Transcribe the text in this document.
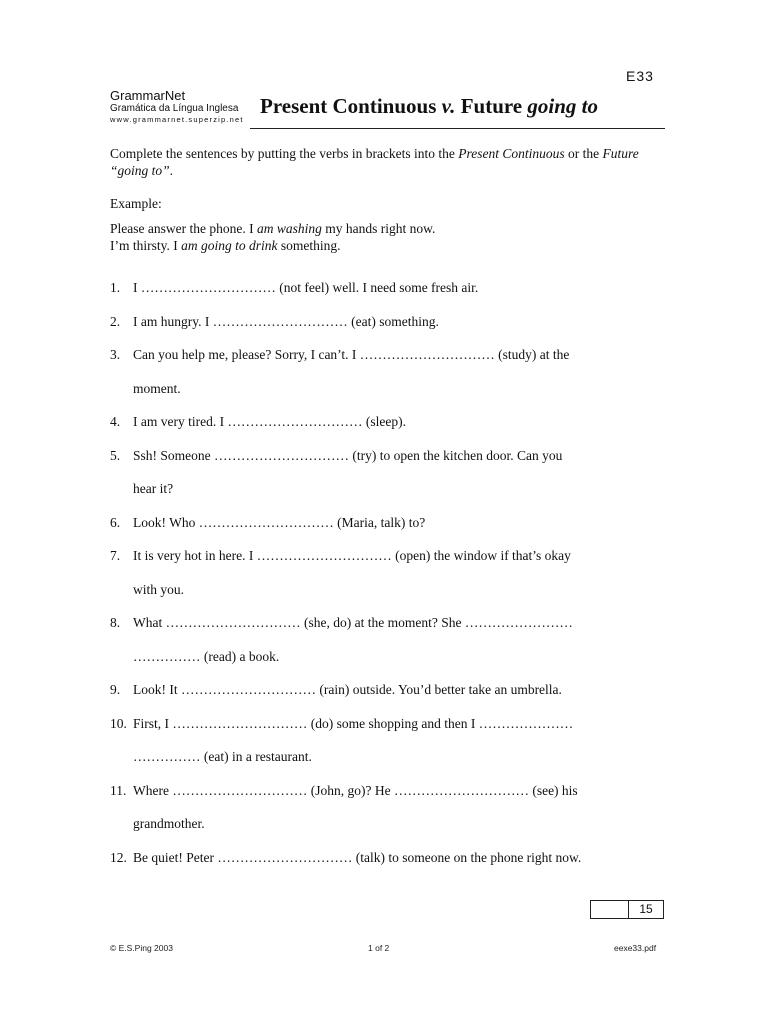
E33
GrammarNet
Gramática da Língua Inglesa
www.grammarnet.superzip.net
Present Continuous v. Future going to

Complete the sentences by putting the verbs in brackets into the Present Continuous or the Future “going to”.

Example:

Please answer the phone. I am washing my hands right now.
I’m thirsty. I am going to drink something.
1. I ………………………… (not feel) well. I need some fresh air.
2. I am hungry. I ………………………… (eat) something.
3. Can you help me, please? Sorry, I can’t. I ………………………… (study) at the
moment.
4. I am very tired. I ………………………… (sleep).
5. Ssh! Someone ………………………… (try) to open the kitchen door. Can you
hear it?
6. Look! Who ………………………… (Maria, talk) to?
7. It is very hot in here. I ………………………… (open) the window if that’s okay
with you.
8. What ………………………… (she, do) at the moment? She ……………………
…………… (read) a book.
9. Look! It ………………………… (rain) outside. You’d better take an umbrella.
10. First, I ………………………… (do) some shopping and then I …………………
…………… (eat) in a restaurant.
11. Where ………………………… (John, go)? He ………………………… (see) his
grandmother.
12. Be quiet! Peter ………………………… (talk) to someone on the phone right now.
15
© E.S.Ping 2003	1 of 2	eexe33.pdf
